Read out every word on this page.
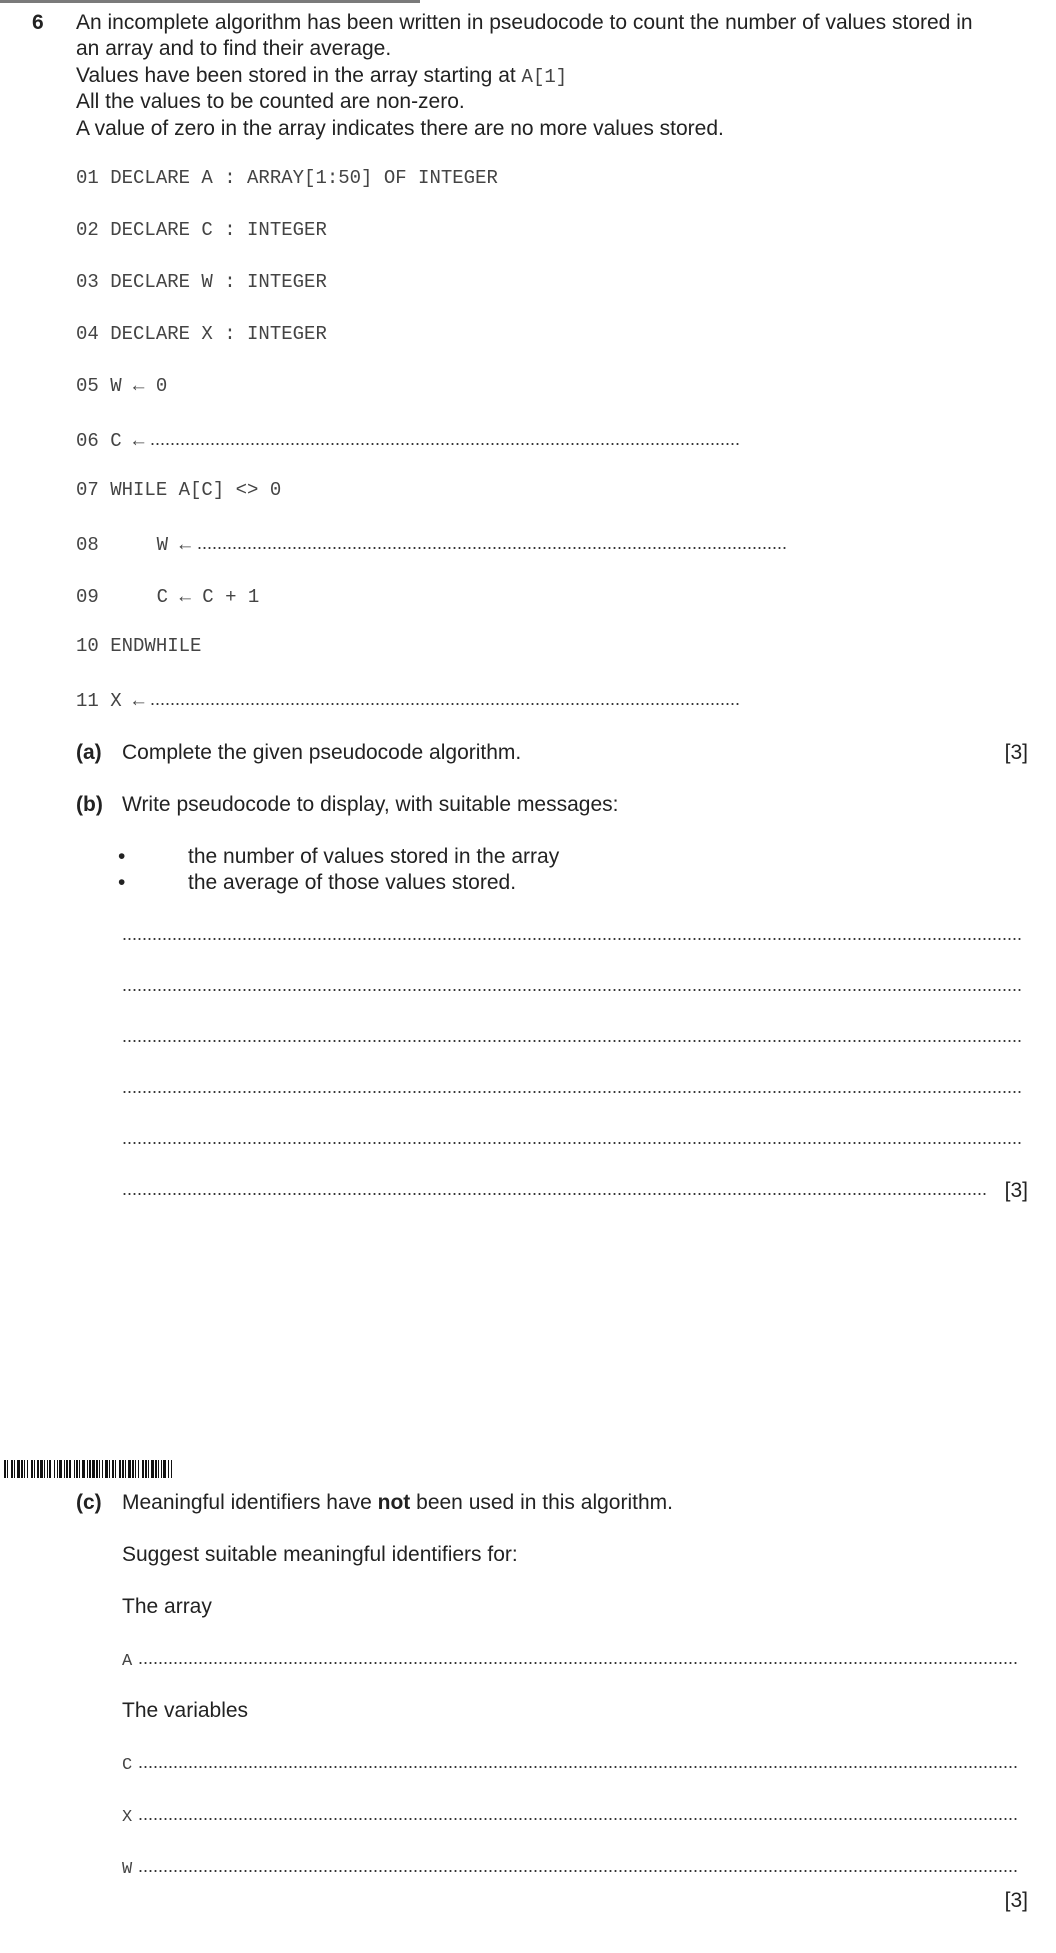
6 An incomplete algorithm has been written in pseudocode to count the number of values stored in

an array and to find their average.

Values have been stored in the array starting at A[1]

All the values to be counted are non-zero.

A value of zero in the array indicates there are no more values stored.

01 DECLARE A : ARRAY[1:50] OF INTEGER
02 DECLARE C : INTEGER
03 DECLARE W : INTEGER
04 DECLARE X : INTEGER
05 W ← 0
06 C ←
07 WHILE A[C] <> 0
08	W ←
09	C ← C + 1
10 ENDWHILE
11 X ←
(a) Complete the given pseudocode algorithm.	[3]
(b) Write pseudocode to display, with suitable messages:
•	the number of values stored in the array
•	the average of those values stored.
[3]
(c) Meaningful identifiers have not been used in this algorithm.
Suggest suitable meaningful identifiers for:
The array
A
The variables
C
X
W
[3]
